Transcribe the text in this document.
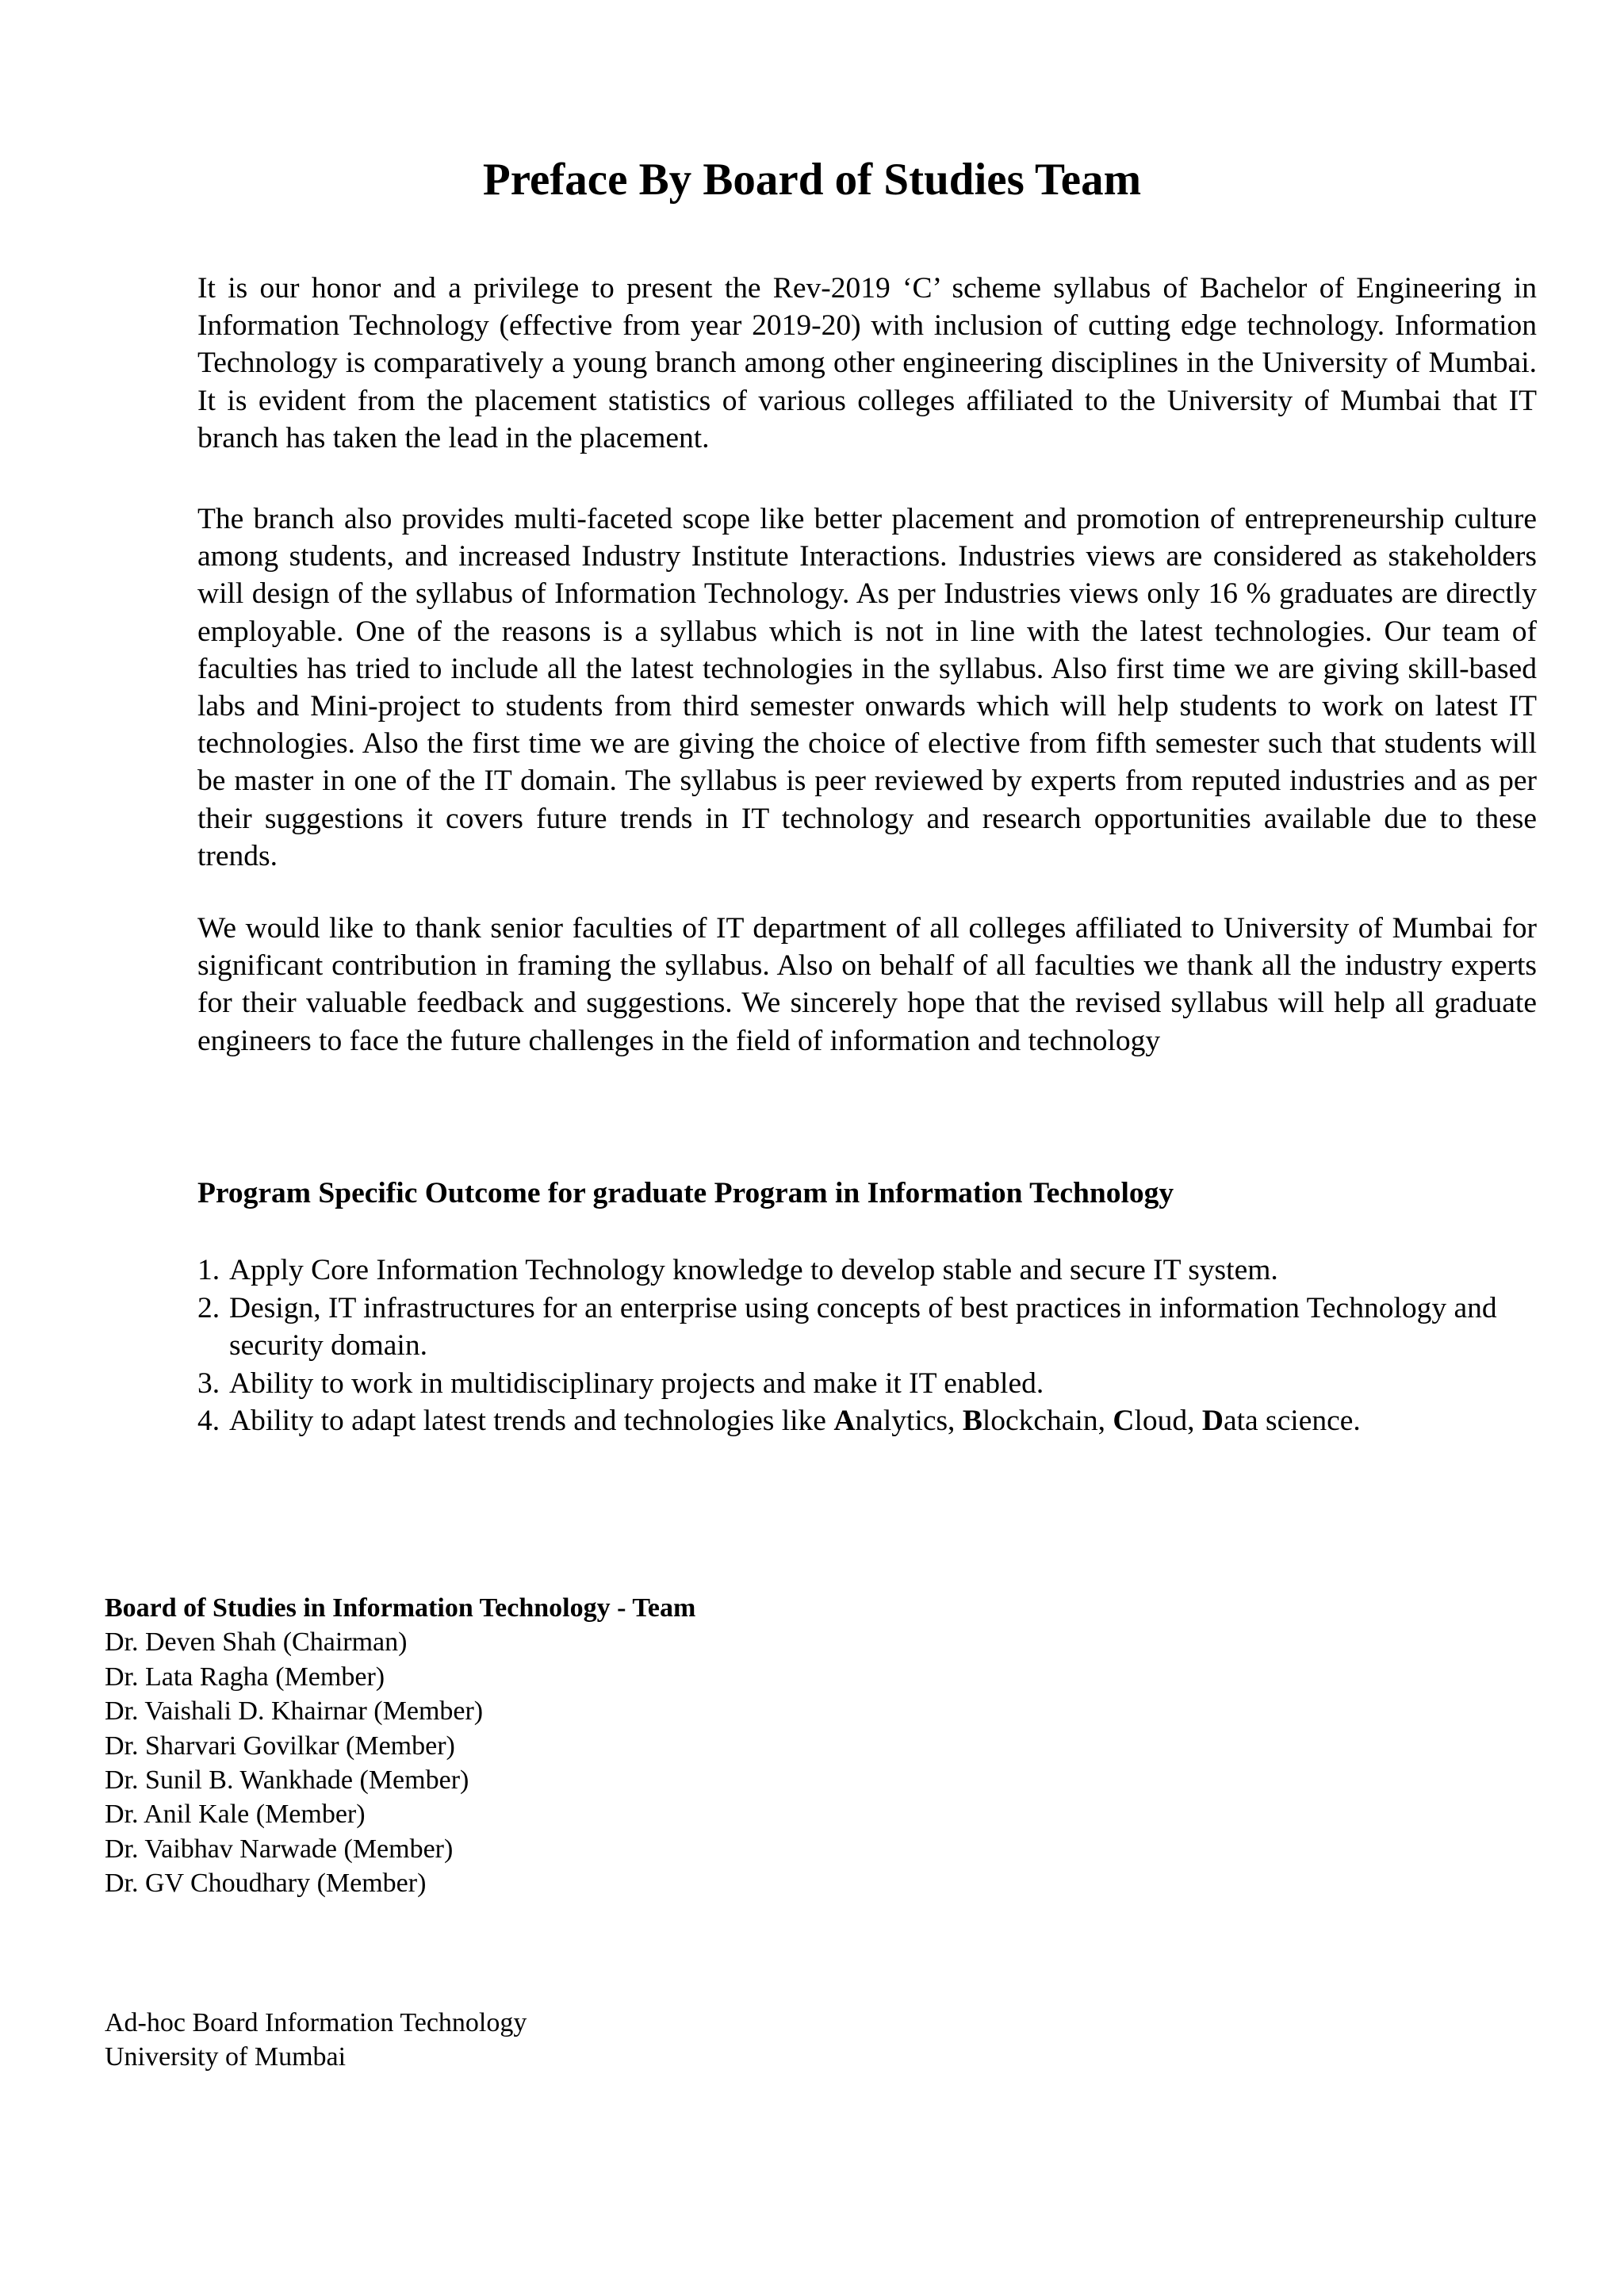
Preface By Board of Studies Team

It is our honor and a privilege to present the Rev-2019 ‘C’ scheme syllabus of Bachelor of Engineering in Information Technology (effective from year 2019-20) with inclusion of cutting edge technology. Information Technology is comparatively a young branch among other engineering disciplines in the University of Mumbai. It is evident from the placement statistics of various colleges affiliated to the University of Mumbai that IT branch has taken the lead in the placement.

The branch also provides multi-faceted scope like better placement and promotion of entrepreneurship culture among students, and increased Industry Institute Interactions. Industries views are considered as stakeholders will design of the syllabus of Information Technology. As per Industries views only 16 % graduates are directly employable. One of the reasons is a syllabus which is not in line with the latest technologies. Our team of faculties has tried to include all the latest technologies in the syllabus. Also first time we are giving skill-based labs and Mini-project to students from third semester onwards which will help students to work on latest IT technologies. Also the first time we are giving the choice of elective from fifth semester such that students will be master in one of the IT domain. The syllabus is peer reviewed by experts from reputed industries and as per their suggestions it covers future trends in IT technology and research opportunities available due to these trends.

We would like to thank senior faculties of IT department of all colleges affiliated to University of Mumbai for significant contribution in framing the syllabus. Also on behalf of all faculties we thank all the industry experts for their valuable feedback and suggestions. We sincerely hope that the revised syllabus will help all graduate engineers to face the future challenges in the field of information and technology

Program Specific Outcome for graduate Program in Information Technology
1. Apply Core Information Technology knowledge to develop stable and secure IT system.
2. Design, IT infrastructures for an enterprise using concepts of best practices in information Technology and security domain.
3. Ability to work in multidisciplinary projects and make it IT enabled.
4. Ability to adapt latest trends and technologies like Analytics, Blockchain, Cloud, Data science.
Board of Studies in Information Technology - Team
Dr. Deven Shah (Chairman)
Dr. Lata Ragha (Member)
Dr. Vaishali D. Khairnar (Member)
Dr. Sharvari Govilkar (Member)
Dr. Sunil B. Wankhade (Member)
Dr. Anil Kale (Member)
Dr. Vaibhav Narwade (Member)
Dr. GV Choudhary (Member)
Ad-hoc Board Information Technology
University of Mumbai
